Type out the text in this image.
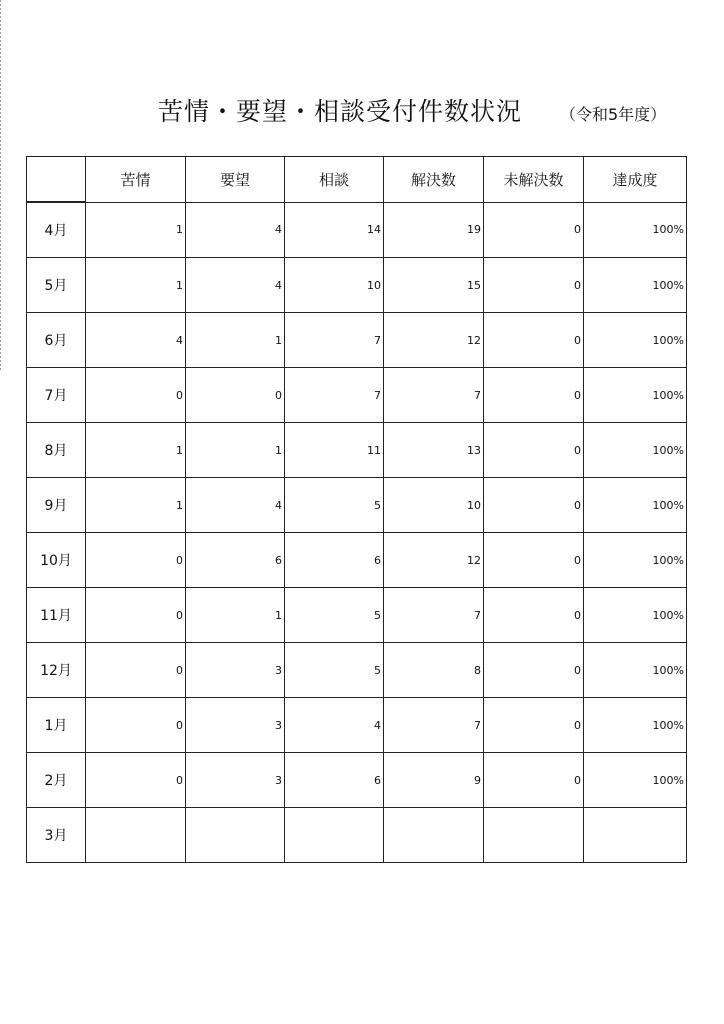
苦情・要望・相談受付件数状況 （令和5年度）
	苦情	要望	相談	解決数	未解決数	達成度
4月	1	4	14	19	0	100%
5月	1	4	10	15	0	100%
6月	4	1	7	12	0	100%
7月	0	0	7	7	0	100%
8月	1	1	11	13	0	100%
9月	1	4	5	10	0	100%
10月	0	6	6	12	0	100%
11月	0	1	5	7	0	100%
12月	0	3	5	8	0	100%
1月	0	3	4	7	0	100%
2月	0	3	6	9	0	100%
3月						
